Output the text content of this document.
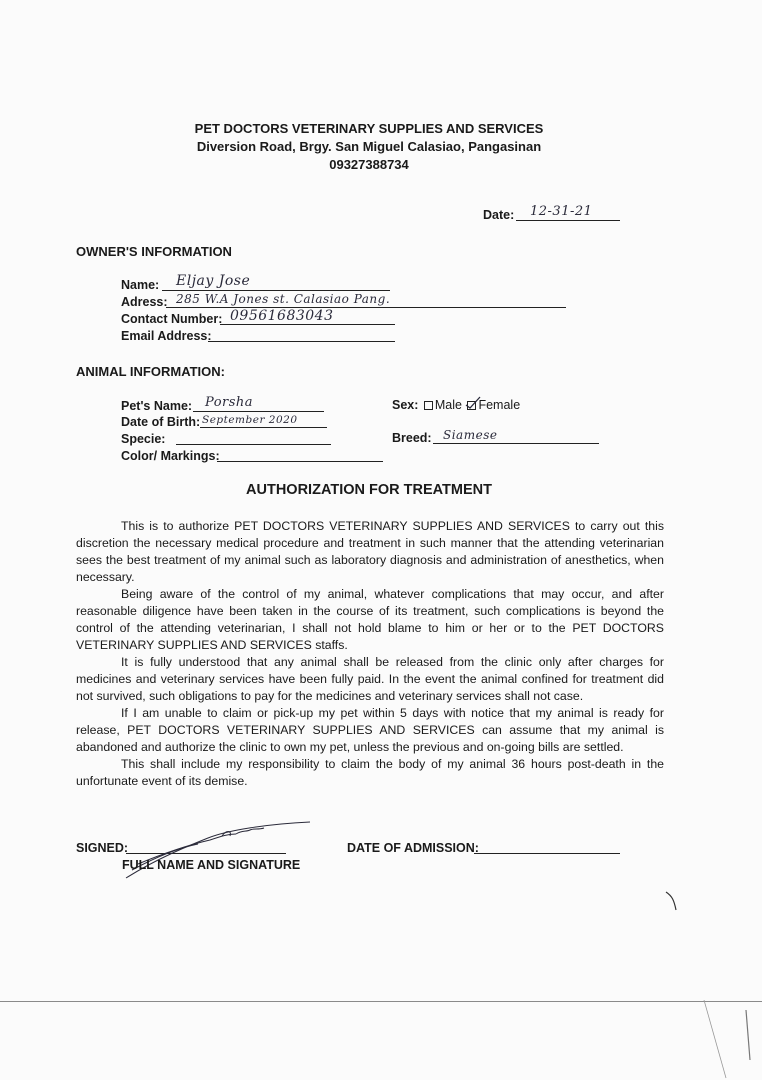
PET DOCTORS VETERINARY SUPPLIES AND SERVICES
Diversion Road, Brgy. San Miguel Calasiao, Pangasinan
09327388734
Date: 12-31-21
OWNER'S INFORMATION
Name: Eljay Jose
Adress: 285 W.A Jones st. Calasiao Pang.
Contact Number: 09561683043
Email Address:
ANIMAL INFORMATION:
Pet's Name: Porsha
Date of Birth: September 2020
Specie:
Color/ Markings:
Sex: Male Female
Breed: Siamese
AUTHORIZATION FOR TREATMENT

This is to authorize PET DOCTORS VETERINARY SUPPLIES AND SERVICES to carry out this discretion the necessary medical procedure and treatment in such manner that the attending veterinarian sees the best treatment of my animal such as laboratory diagnosis and administration of anesthetics, when necessary.

Being aware of the control of my animal, whatever complications that may occur, and after reasonable diligence have been taken in the course of its treatment, such complications is beyond the control of the attending veterinarian, I shall not hold blame to him or her or to the PET DOCTORS VETERINARY SUPPLIES AND SERVICES staffs.

It is fully understood that any animal shall be released from the clinic only after charges for medicines and veterinary services have been fully paid. In the event the animal confined for treatment did not survived, such obligations to pay for the medicines and veterinary services shall not case.

If I am unable to claim or pick-up my pet within 5 days with notice that my animal is ready for release, PET DOCTORS VETERINARY SUPPLIES AND SERVICES can assume that my animal is abandoned and authorize the clinic to own my pet, unless the previous and on-going bills are settled.

This shall include my responsibility to claim the body of my animal 36 hours post-death in the unfortunate event of its demise.

SIGNED:
FULL NAME AND SIGNATURE
DATE OF ADMISSION:
